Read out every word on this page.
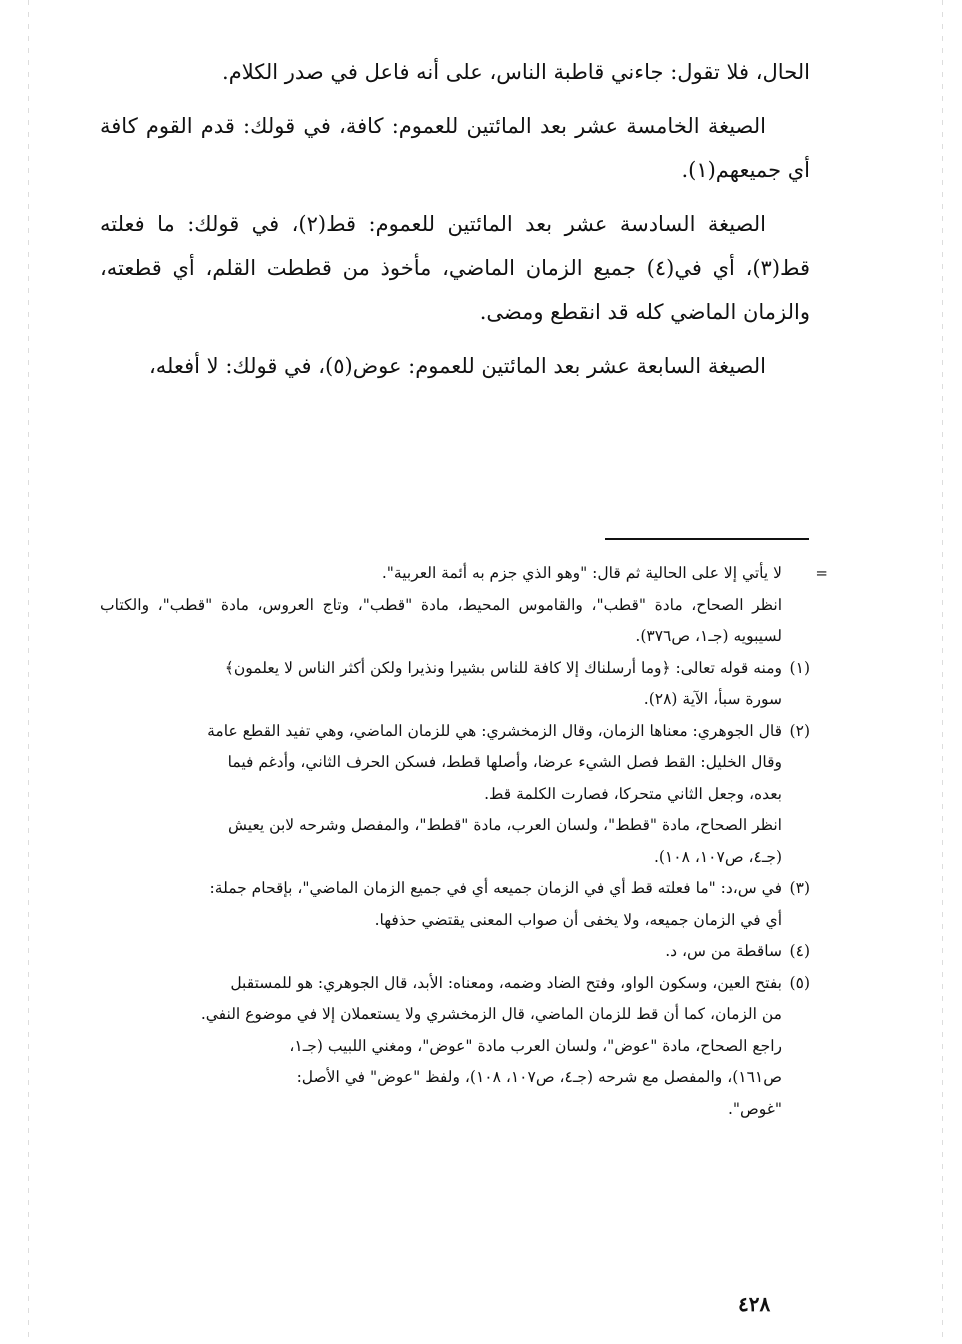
الحال، فلا تقول: جاءني قاطبة الناس، على أنه فاعل في صدر الكلام.

الصيغة الخامسة عشر بعد المائتين للعموم: كافة، في قولك: قدم القوم كافة أي جميعهم(١).

الصيغة السادسة عشر بعد المائتين للعموم: قط(٢)، في قولك: ما فعلته قط(٣)، أي في(٤) جميع الزمان الماضي، مأخوذ من قططت القلم، أي قطعته، والزمان الماضي كله قد انقطع ومضى.

الصيغة السابعة عشر بعد المائتين للعموم: عوض(٥)، في قولك: لا أفعله،

=
لا يأتي إلا على الحالية ثم قال: "وهو الذي جزم به أئمة العربية".
انظر الصحاح، مادة "قطب"، والقاموس المحيط، مادة "قطب"، وتاج العروس، مادة "قطب"، والكتاب لسيبويه (جـ١، ص٣٧٦).
(١)
ومنه قوله تعالى: ﴿وما أرسلناك إلا كافة للناس بشيرا ونذيرا ولكن أكثر الناس لا يعلمون﴾
سورة سبأ، الآية (٢٨).
(٢)
قال الجوهري: معناها الزمان، وقال الزمخشري: هي للزمان الماضي، وهي تفيد القطع عامة
وقال الخليل: القط فصل الشيء عرضا، وأصلها قطط، فسكن الحرف الثاني، وأدغم فيما
بعده، وجعل الثاني متحركا، فصارت الكلمة قط.
انظر الصحاح، مادة "قطط"، ولسان العرب، مادة "قطط"، والمفصل وشرحه لابن يعيش
(جـ٤، ص١٠٧، ١٠٨).
(٣)
في س،د: "ما فعلته قط أي في الزمان جميعه أي في جميع الزمان الماضي"، بإقحام جملة:
أي في الزمان جميعه، ولا يخفى أن صواب المعنى يقتضي حذفها.
(٤)
ساقطة من س، د.
(٥)
بفتح العين، وسكون الواو، وفتح الضاد وضمه، ومعناه: الأبد، قال الجوهري: هو للمستقبل
من الزمان، كما أن قط للزمان الماضي، قال الزمخشري ولا يستعملان إلا في موضوع النفي.
راجع الصحاح، مادة "عوض"، ولسان العرب مادة "عوض"، ومغني اللبيب (جـ١،
ص١٦١)، والمفصل مع شرحه (جـ٤، ص١٠٧، ١٠٨)، ولفظ "عوض" في الأصل:
"غوص".
٤٢٨
